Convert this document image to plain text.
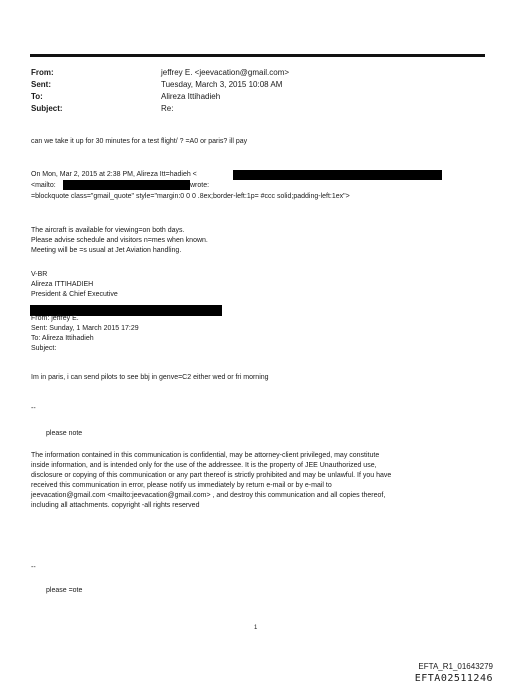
From:	jeffrey E. <jeevacation@gmail.com>
Sent:	Tuesday, March 3, 2015 10:08 AM
To:	Alireza Ittihadieh
Subject:	Re:
can we take it up for 30 minutes for a test flight/ ? =A0 or paris? ill pay
On Mon, Mar 2, 2015 at 2:38 PM, Alireza Itt=hadieh <
<mailto:	wrote:
=blockquote class="gmail_quote" style="margin:0 0 0 .8ex;border-left:1p= #ccc solid;padding-left:1ex">
The aircraft is available for viewing=on both days.
Please advise schedule and visitors n=mes when known.
Meeting will be =s usual at Jet Aviation handling.
V-BR
Alireza ITTIHADIEH
President & Chief Executive
From: jeffrey E.
Sent: Sunday, 1 March 2015 17:29
To: Alireza Ittihadieh
Subject:
Im in paris, i can send pilots to see bbj in genve=C2 either wed or fri morning
--
please note
The information contained in this communication is confidential, may be attorney-client privileged, may constitute
inside information, and is intended only for the use of the addressee. It is the property of JEE Unauthorized use,
disclosure or copying of this communication or any part thereof is strictly prohibited and may be unlawful. If you have
received this communication in error, please notify us immediately by return e-mail or by e-mail to
jeevacation@gmail.com <mailto:jeevacation@gmail.com> , and destroy this communication and all copies thereof,
including all attachments. copyright -all rights reserved
--
please =ote
1
EFTA_R1_01643279
EFTA02511246
